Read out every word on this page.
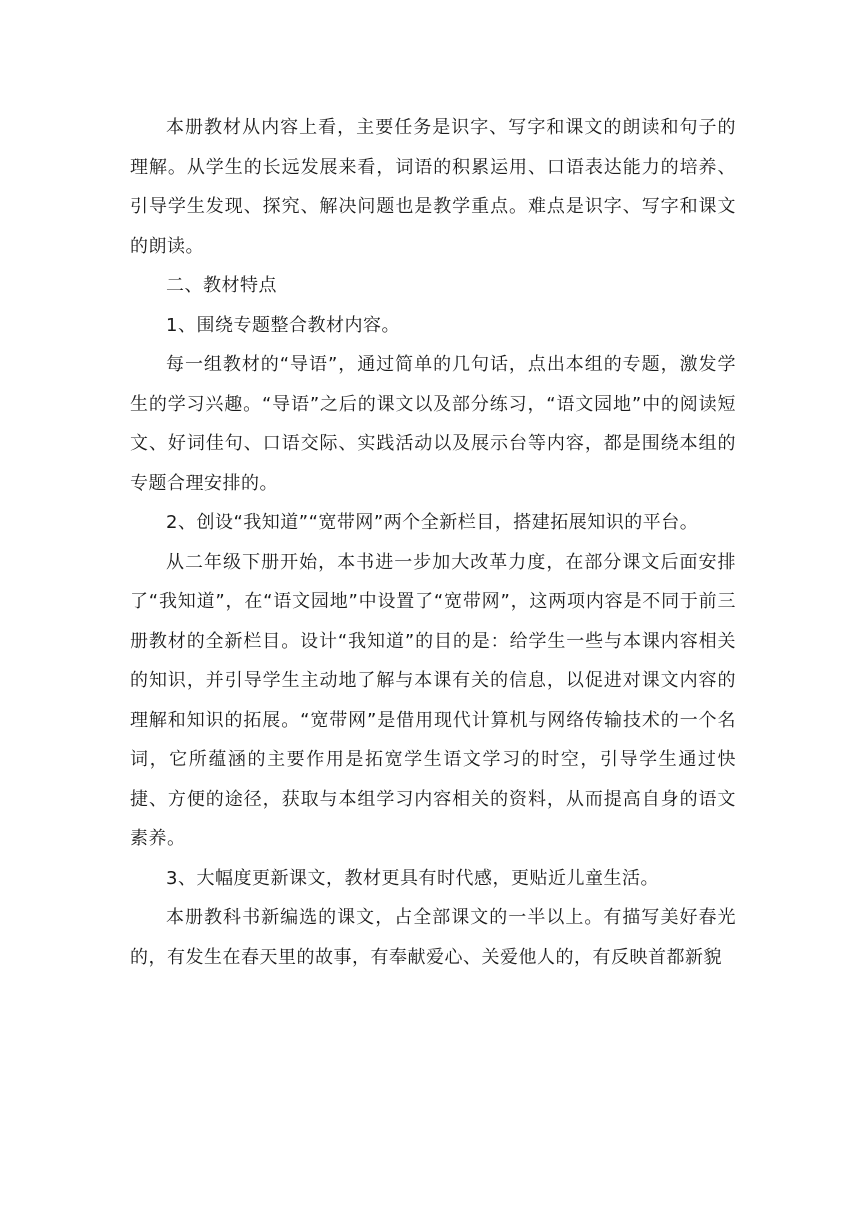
本册教材从内容上看，主要任务是识字、写字和课文的朗读和句子的理解。从学生的长远发展来看，词语的积累运用、口语表达能力的培养、引导学生发现、探究、解决问题也是教学重点。难点是识字、写字和课文的朗读。

二、教材特点

1、围绕专题整合教材内容。

每一组教材的“导语”，通过简单的几句话，点出本组的专题，激发学生的学习兴趣。“导语”之后的课文以及部分练习，“语文园地”中的阅读短文、好词佳句、口语交际、实践活动以及展示台等内容，都是围绕本组的专题合理安排的。

2、创设“我知道”“宽带网”两个全新栏目，搭建拓展知识的平台。

从二年级下册开始，本书进一步加大改革力度，在部分课文后面安排了“我知道”，在“语文园地”中设置了“宽带网”，这两项内容是不同于前三册教材的全新栏目。设计“我知道”的目的是：给学生一些与本课内容相关的知识，并引导学生主动地了解与本课有关的信息，以促进对课文内容的理解和知识的拓展。“宽带网”是借用现代计算机与网络传输技术的一个名词，它所蕴涵的主要作用是拓宽学生语文学习的时空，引导学生通过快捷、方便的途径，获取与本组学习内容相关的资料，从而提高自身的语文素养。

3、大幅度更新课文，教材更具有时代感，更贴近儿童生活。

本册教科书新编选的课文，占全部课文的一半以上。有描写美好春光的，有发生在春天里的故事，有奉献爱心、关爱他人的，有反映首都新貌
